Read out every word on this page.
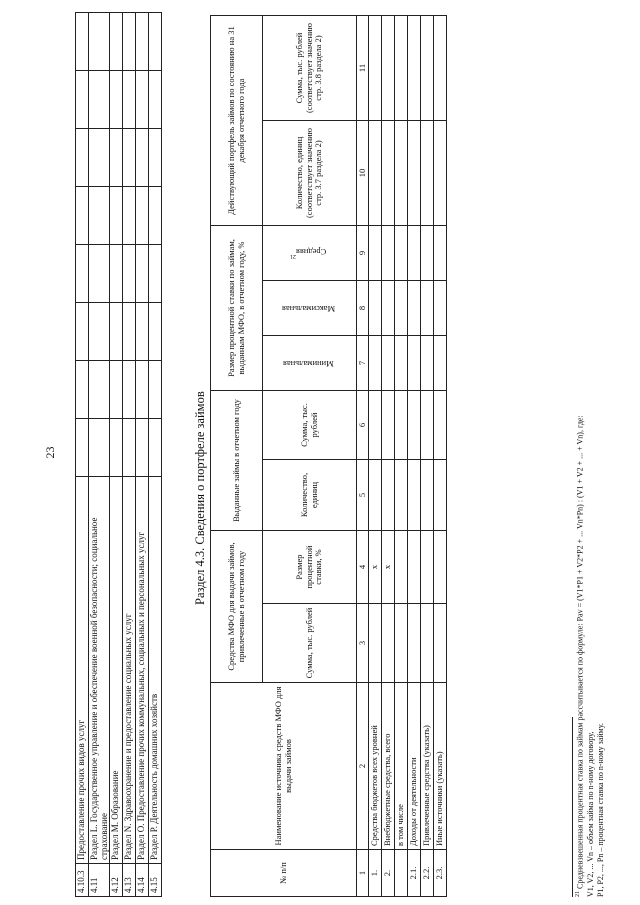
4.10.3	Предоставление прочих видов услуг								
4.11	Раздел L. Государственное управление и обеспечение военной безопасности; социальное страхование								
4.12	Раздел M. Образование								
4.13	Раздел N. Здравоохранение и предоставление социальных услуг								
4.14	Раздел O. Предоставление прочих коммунальных, социальных и персональных услуг								
4.15	Раздел P. Деятельность домашних хозяйств								
23	Раздел 4.3. Сведения о портфеле займов
№ п/п	Наименование источника средств МФО для выдачи займов	Средства МФО для выдачи займов, привлеченные в отчетном году		Выданные займы в отчетном году		Размер процентной ставки по займам, выданным МФО, в отчетном году, %			Действующий портфель займов по состоянию на 31 декабря отчетного года	
		Сумма, тыс. рублей	Размер процентной ставки, %	Количество, единиц	Сумма, тыс. рублей	Минимальная	Максимальная	Средняя$^{21}$	Количество, единиц (соответствует значению стр. 3.7 раздела 2)	Сумма, тыс. рублей (соответствует значению стр. 3.8 раздела 2)
1	2	3	4	5	6	7	8	9	10	11
1.	Средства бюджетов всех уровней		x							
2.	Внебюджетные средства, всего		x							
	в том числе									
2.1.	Доходы от деятельности									
2.2.	Привлеченные средства (указать)									
2.3.	Иные источники (указать)									
$^{21}$ Средневзвешенная процентная ставка по займам рассчитывается по формуле: Pav = (V1*P1 + V2*P2 + ... Vn*Pn) : (V1 + V2 + ... + Vn), где: V1, V2, ... Vn – объем займа по n-ному договору, P1, P2, ..., Pn – процентная ставка по n-ному займу.
